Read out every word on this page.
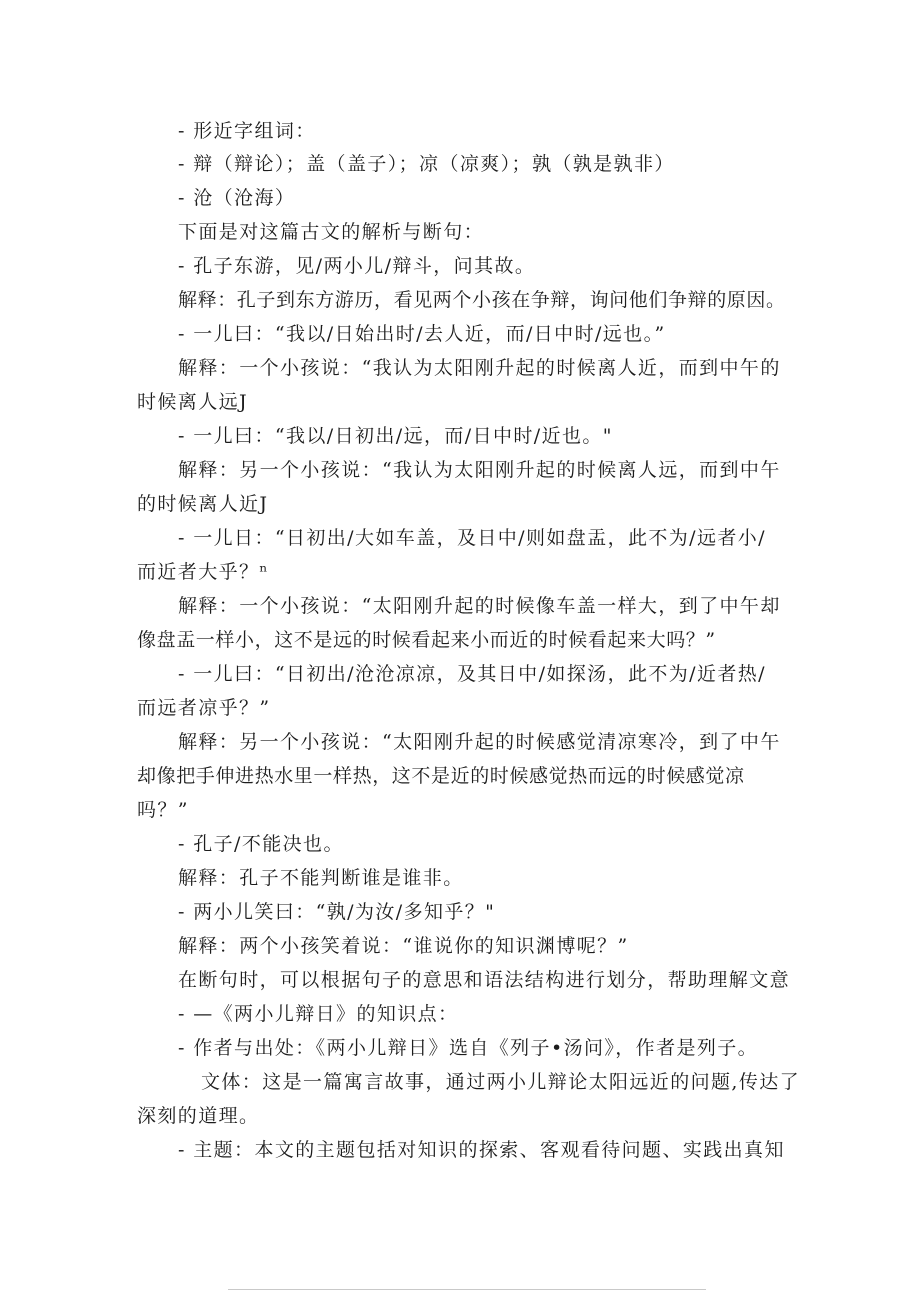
- 形近字组词：
- 辩（辩论）；盖（盖子）；凉（凉爽）；孰（孰是孰非）
- 沧（沧海）
下面是对这篇古文的解析与断句：
- 孔子东游，见/两小儿/辩斗，问其故。
解释：孔子到东方游历，看见两个小孩在争辩，询问他们争辩的原因。
- 一儿曰：“我以/日始出时/去人近，而/日中时/远也。”
解释：一个小孩说：“我认为太阳刚升起的时候离人近，而到中午的
时候离人远J
- 一儿曰：“我以/日初出/远，而/日中时/近也。"
解释：另一个小孩说：“我认为太阳刚升起的时候离人远，而到中午
的时候离人近J
- 一儿日：“日初出/大如车盖，及日中/则如盘盂，此不为/远者小/
而近者大乎？ⁿ
解释：一个小孩说：“太阳刚升起的时候像车盖一样大，到了中午却
像盘盂一样小，这不是远的时候看起来小而近的时候看起来大吗？”
- 一儿曰：“日初出/沧沧凉凉，及其日中/如探汤，此不为/近者热/
而远者凉乎？”
解释：另一个小孩说：“太阳刚升起的时候感觉清凉寒冷，到了中午
却像把手伸进热水里一样热，这不是近的时候感觉热而远的时候感觉凉
吗？”
- 孔子/不能决也。
解释：孔子不能判断谁是谁非。
- 两小儿笑曰：“孰/为汝/多知乎？"
解释：两个小孩笑着说：“谁说你的知识渊博呢？”
在断句时，可以根据句子的意思和语法结构进行划分，帮助理解文意
- —《两小儿辩日》的知识点：
- 作者与出处：《两小儿辩日》选自《列子•汤问》，作者是列子。
文体：这是一篇寓言故事，通过两小儿辩论太阳远近的问题,传达了
深刻的道理。
- 主题：本文的主题包括对知识的探索、客观看待问题、实践出真知
